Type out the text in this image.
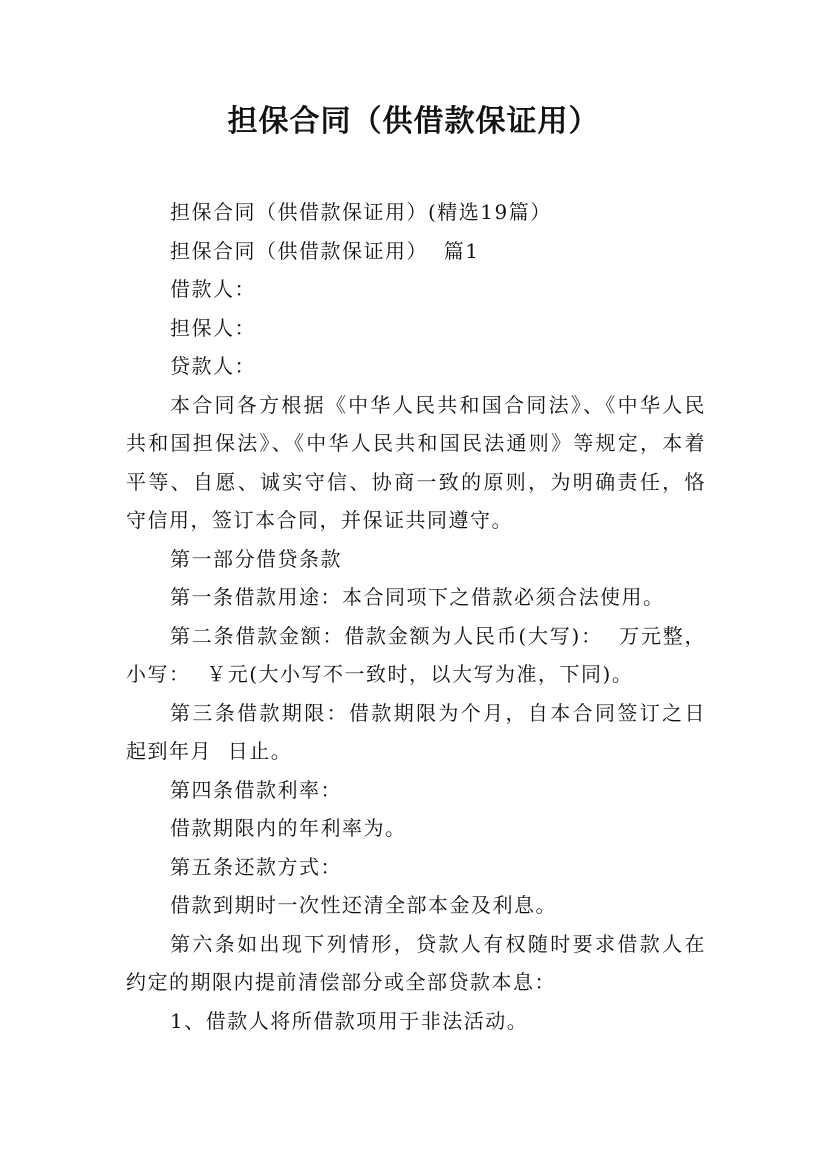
担保合同（供借款保证用）

担保合同（供借款保证用）(精选19篇）

担保合同（供借款保证用）  篇1

借款人：

担保人：

贷款人：

本合同各方根据《中华人民共和国合同法》、《中华人民共和国担保法》、《中华人民共和国民法通则》等规定，本着平等、自愿、诚实守信、协商一致的原则，为明确责任，恪守信用，签订本合同，并保证共同遵守。

第一部分借贷条款

第一条借款用途：本合同项下之借款必须合法使用。

第二条借款金额：借款金额为人民币(大写)：  万元整，小写：  ￥元(大小写不一致时，以大写为准，下同)。

第三条借款期限：借款期限为个月，自本合同签订之日起到年月  日止。

第四条借款利率：

借款期限内的年利率为。

第五条还款方式：

借款到期时一次性还清全部本金及利息。

第六条如出现下列情形，贷款人有权随时要求借款人在约定的期限内提前清偿部分或全部贷款本息：

1、借款人将所借款项用于非法活动。
